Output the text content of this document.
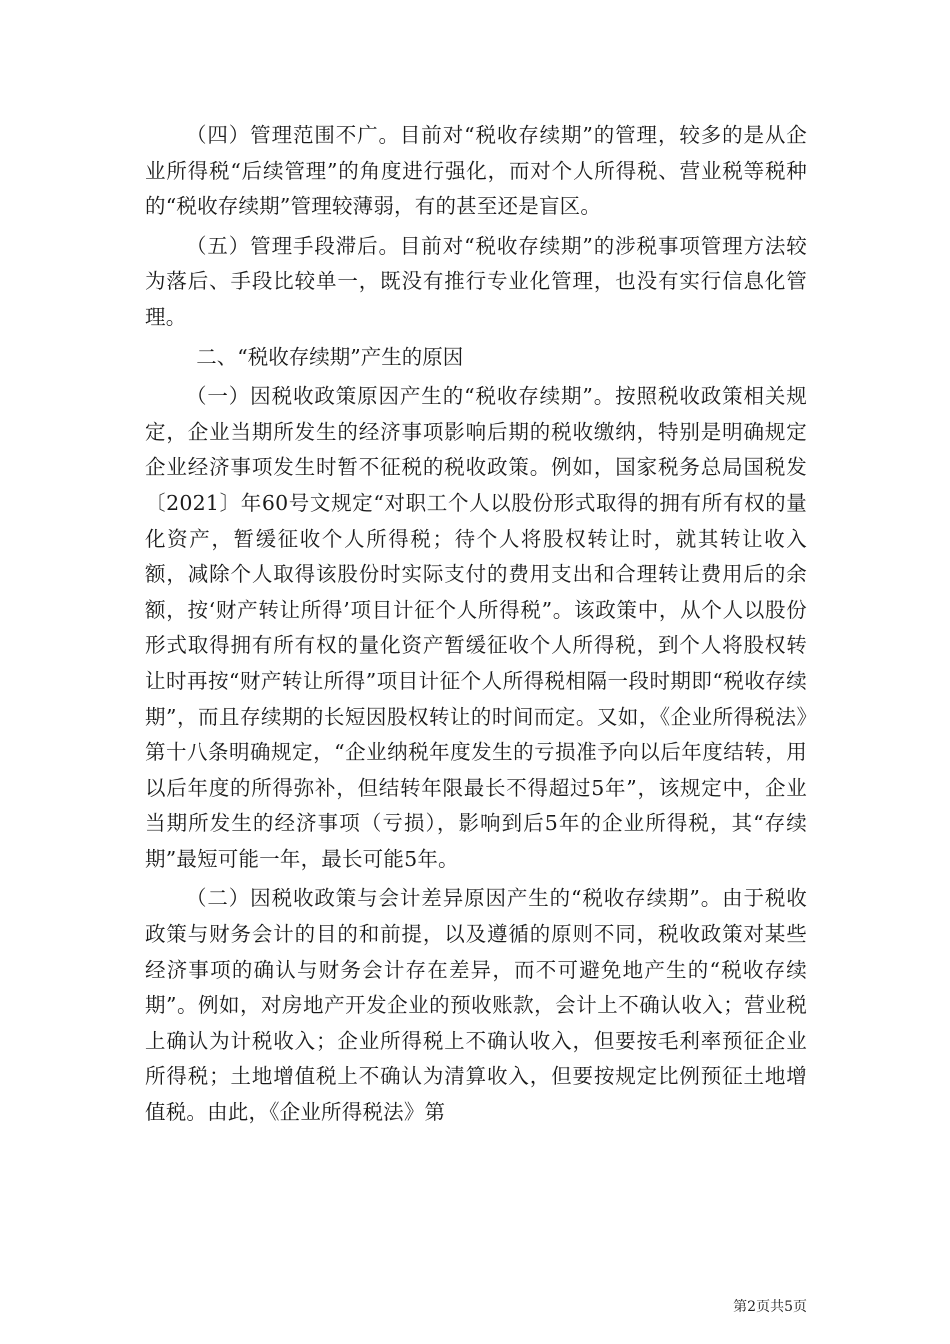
（四）管理范围不广。目前对“税收存续期”的管理，较多的是从企业所得税“后续管理”的角度进行强化，而对个人所得税、营业税等税种的“税收存续期”管理较薄弱，有的甚至还是盲区。

（五）管理手段滞后。目前对“税收存续期”的涉税事项管理方法较为落后、手段比较单一，既没有推行专业化管理，也没有实行信息化管理。

二、“税收存续期”产生的原因

（一）因税收政策原因产生的“税收存续期”。按照税收政策相关规定，企业当期所发生的经济事项影响后期的税收缴纳，特别是明确规定企业经济事项发生时暂不征税的税收政策。例如，国家税务总局国税发〔2021〕年60号文规定“对职工个人以股份形式取得的拥有所有权的量化资产，暂缓征收个人所得税；待个人将股权转让时，就其转让收入额，减除个人取得该股份时实际支付的费用支出和合理转让费用后的余额，按‘财产转让所得’项目计征个人所得税”。该政策中，从个人以股份形式取得拥有所有权的量化资产暂缓征收个人所得税，到个人将股权转让时再按“财产转让所得”项目计征个人所得税相隔一段时期即“税收存续期”，而且存续期的长短因股权转让的时间而定。又如，《企业所得税法》第十八条明确规定，“企业纳税年度发生的亏损准予向以后年度结转，用以后年度的所得弥补，但结转年限最长不得超过5年”，该规定中，企业当期所发生的经济事项（亏损），影响到后5年的企业所得税，其“存续期”最短可能一年，最长可能5年。

（二）因税收政策与会计差异原因产生的“税收存续期”。由于税收政策与财务会计的目的和前提，以及遵循的原则不同，税收政策对某些经济事项的确认与财务会计存在差异，而不可避免地产生的“税收存续期”。例如，对房地产开发企业的预收账款，会计上不确认收入；营业税上确认为计税收入；企业所得税上不确认收入，但要按毛利率预征企业所得税；土地增值税上不确认为清算收入，但要按规定比例预征土地增值税。由此，《企业所得税法》第

第2页共5页
